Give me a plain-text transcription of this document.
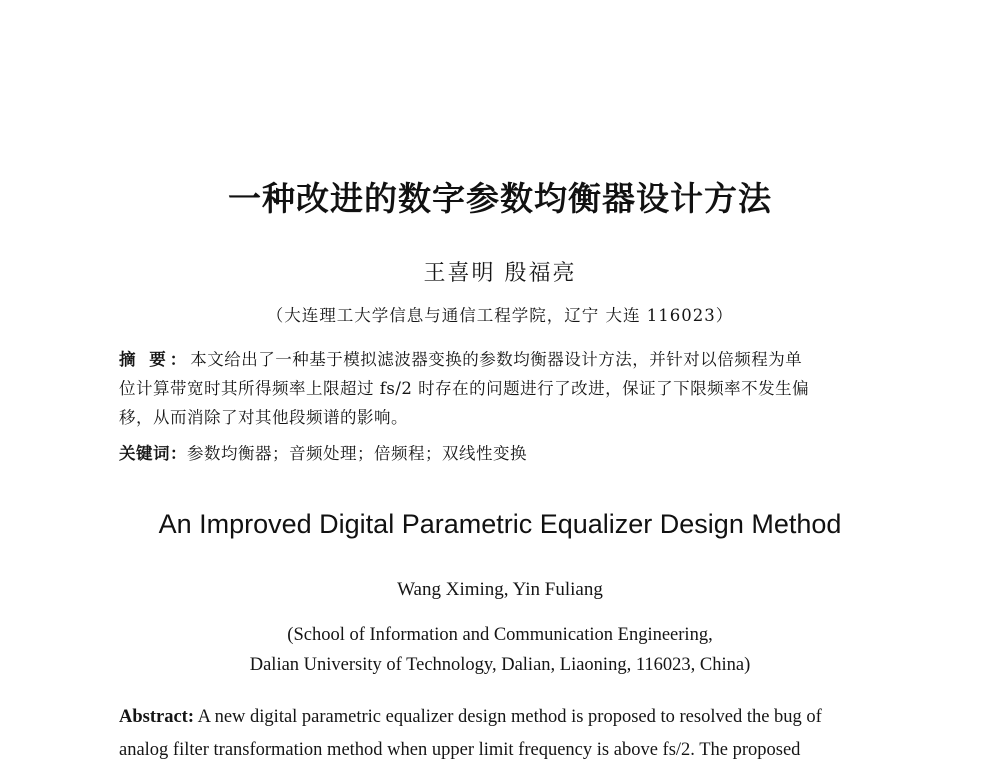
一种改进的数字参数均衡器设计方法
王喜明 殷福亮
（大连理工大学信息与通信工程学院，辽宁 大连 116023）
摘 要：本文给出了一种基于模拟滤波器变换的参数均衡器设计方法，并针对以倍频程为单
位计算带宽时其所得频率上限超过 fs/2 时存在的问题进行了改进，保证了下限频率不发生偏
移，从而消除了对其他段频谱的影响。
关键词：参数均衡器；音频处理；倍频程；双线性变换
An Improved Digital Parametric Equalizer Design Method
Wang Ximing, Yin Fuliang
(School of Information and Communication Engineering,
Dalian University of Technology, Dalian, Liaoning, 116023, China)
Abstract: A new digital parametric equalizer design method is proposed to resolved the bug of
analog filter transformation method when upper limit frequency is above fs/2. The proposed
